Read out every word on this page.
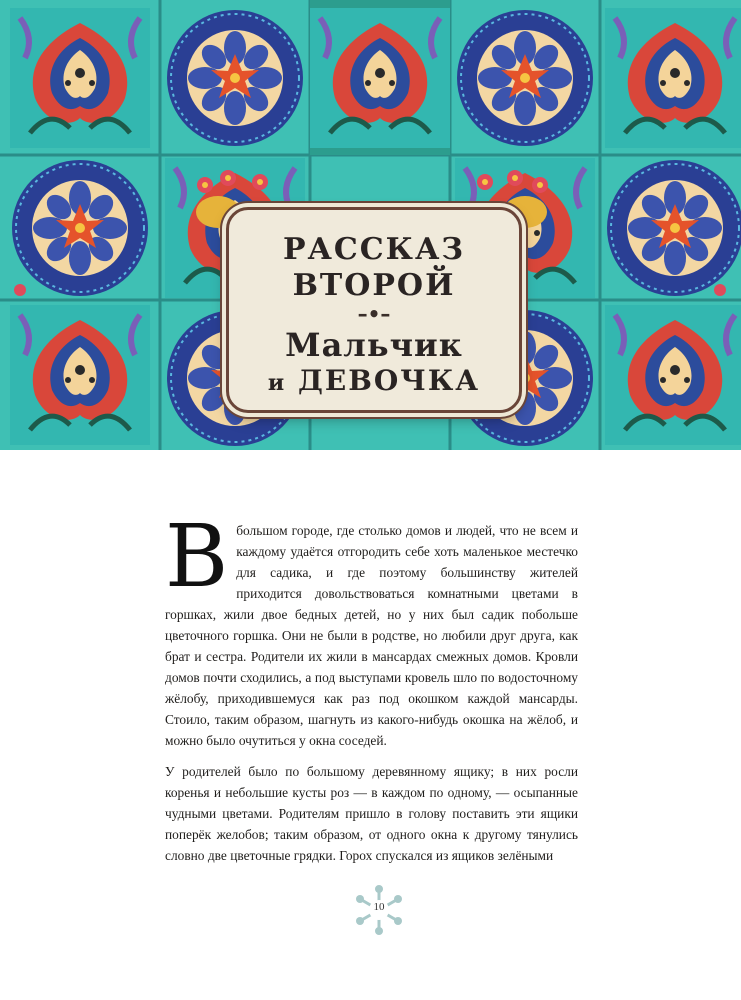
РАССКАЗ
ВТОРОЙ
–•–
Мальчик
и ДЕВОЧКА

Вбольшом городе, где столько домов и людей, что не всем и каждому удаётся отгородить себе хоть маленькое местечко для садика, и где поэтому большинству жителей приходится довольствоваться комнатными цветами в горшках, жили двое бедных детей, но у них был садик побольше цветочного горшка. Они не были в родстве, но любили друг друга, как брат и сестра. Родители их жили в мансардах смежных домов. Кровли домов почти сходились, а под выступами кровель шло по водосточному жёлобу, приходившемуся как раз под окошком каждой мансарды. Стоило, таким образом, шагнуть из какого-нибудь окошка на жёлоб, и можно было очутиться у окна соседей.

У родителей было по большому деревянному ящику; в них росли коренья и небольшие кусты роз — в каждом по одному, — осыпанные чудными цветами. Родителям пришло в голову поставить эти ящики поперёк желобов; таким образом, от одного окна к другому тянулись словно две цветочные грядки. Горох спускался из ящиков зелёными

10
